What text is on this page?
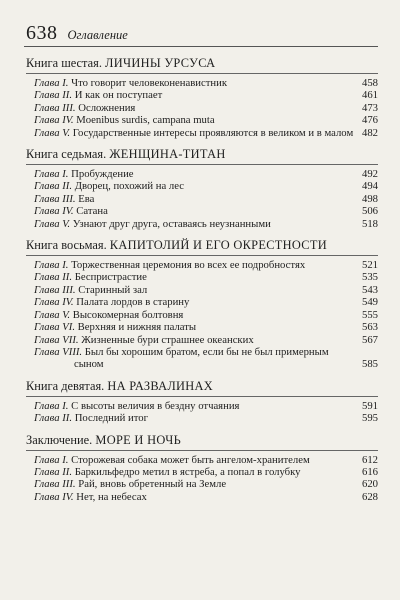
638 Оглавление
Книга шестая. ЛИЧИНЫ УРСУСА
Глава I. Что говорит человеконенавистник	458
Глава II. И как он поступает	461
Глава III. Осложнения	473
Глава IV. Moenibus surdis, campana muta	476
Глава V. Государственные интересы проявляются в великом и в малом 482
Книга седьмая. ЖЕНЩИНА-ТИТАН
Глава I. Пробуждение	492
Глава II. Дворец, похожий на лес	494
Глава III. Ева	498
Глава IV. Сатана	506
Глава V. Узнают друг друга, оставаясь неузнанными	518
Книга восьмая. КАПИТОЛИЙ И ЕГО ОКРЕСТНОСТИ
Глава I. Торжественная церемония во всех ее подробностях	521
Глава II. Беспристрастие	535
Глава III. Старинный зал	543
Глава IV. Палата лордов в старину	549
Глава V. Высокомерная болтовня	555
Глава VI. Верхняя и нижняя палаты	563
Глава VII. Жизненные бури страшнее океанских	567
Глава VIII. Был бы хорошим братом, если бы не был примерным сыном	585
Книга девятая. НА РАЗВАЛИНАХ
Глава I. С высоты величия в бездну отчаяния	591
Глава II. Последний итог	595
Заключение. МОРЕ И НОЧЬ
Глава I. Сторожевая собака может быть ангелом-хранителем	612
Глава II. Баркильфедро метил в ястреба, а попал в голубку	616
Глава III. Рай, вновь обретенный на Земле	620
Глава IV. Нет, на небесах	628
